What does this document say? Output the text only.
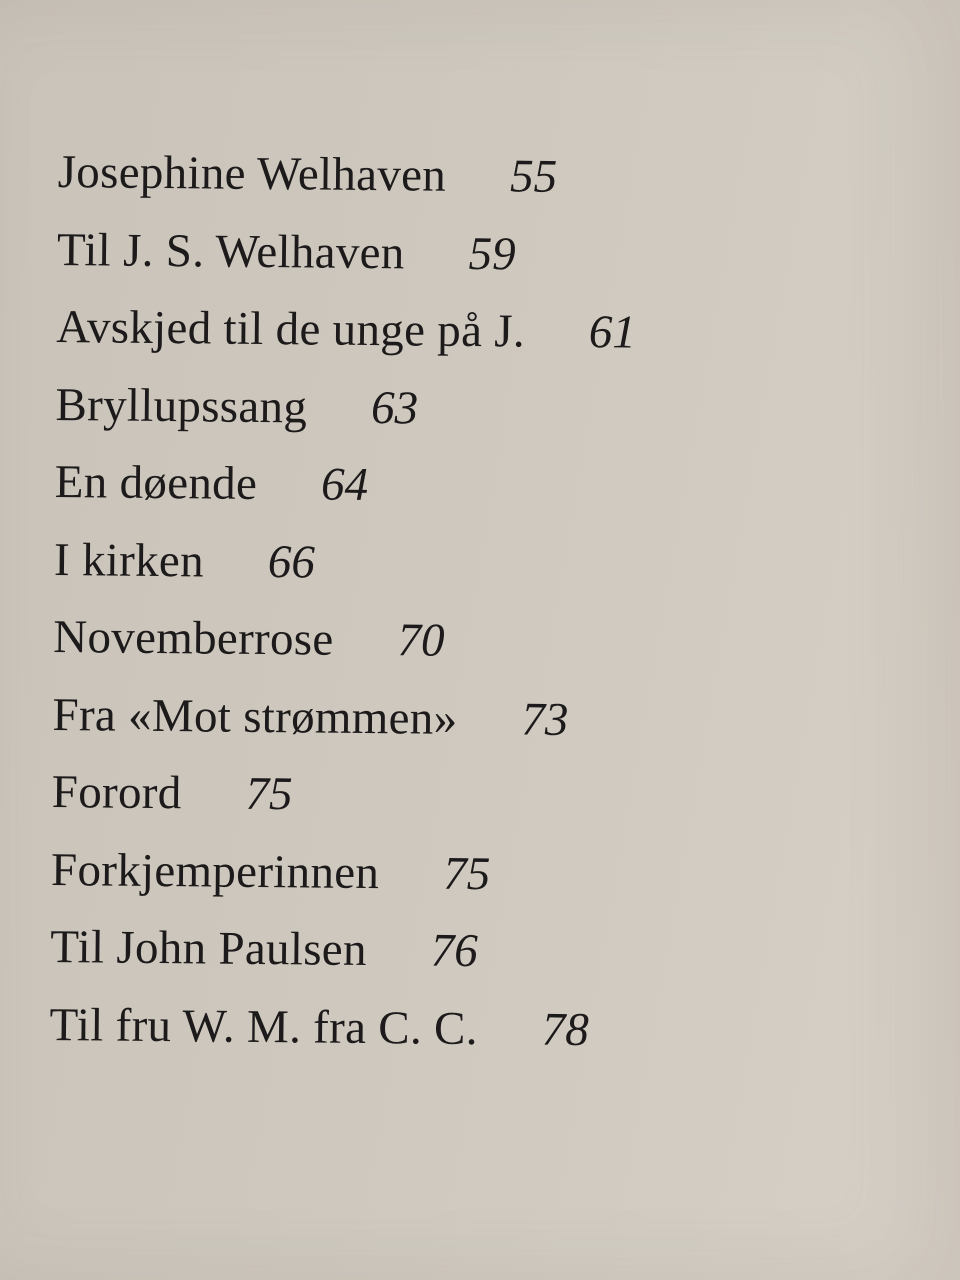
Josephine Welhaven 55
Til J. S. Welhaven 59
Avskjed til de unge på J. 61
Bryllupssang 63
En døende 64
I kirken 66
Novemberrose 70
Fra «Mot strømmen» 73
Forord 75
Forkjemperinnen 75
Til John Paulsen 76
Til fru W. M. fra C. C. 78
